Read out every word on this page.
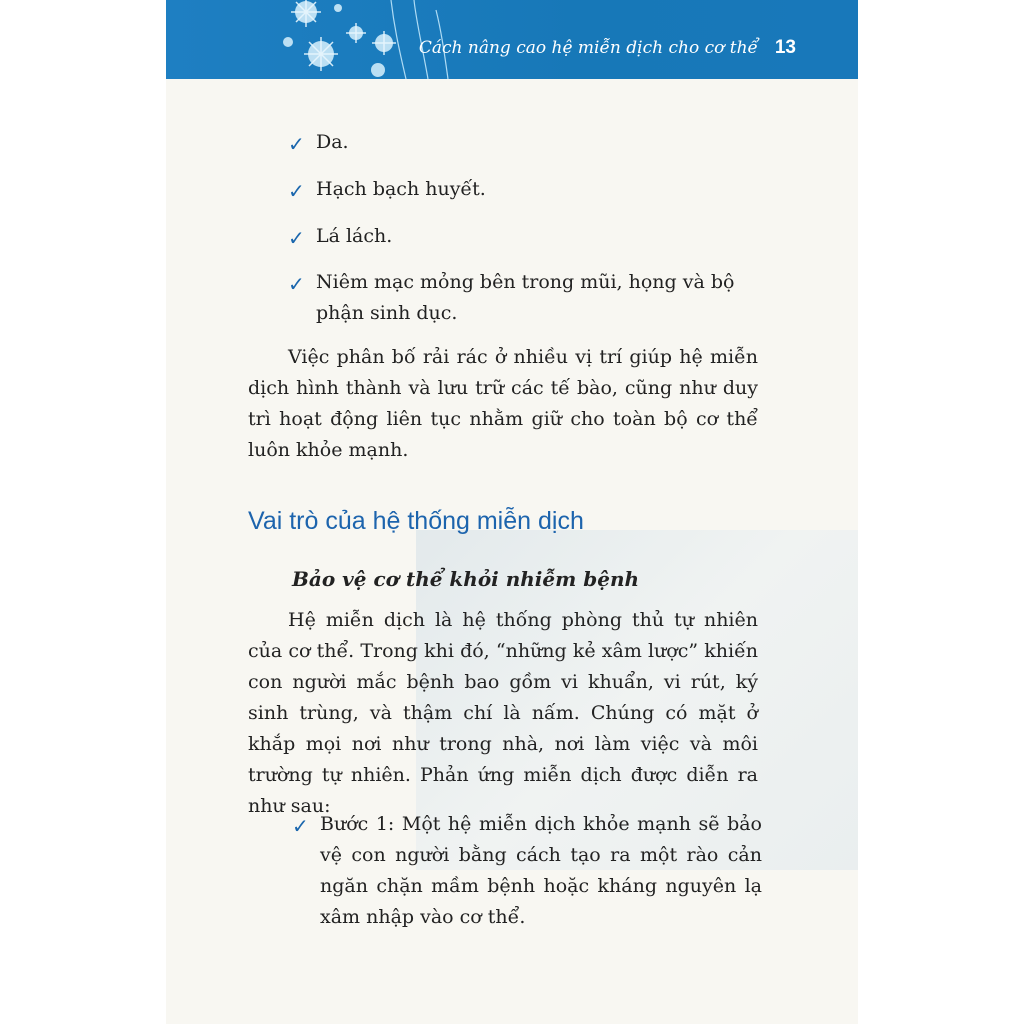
Cách nâng cao hệ miễn dịch cho cơ thể 13
✓ Da.
✓ Hạch bạch huyết.
✓ Lá lách.
✓ Niêm mạc mỏng bên trong mũi, họng và bộ phận sinh dục.
Việc phân bố rải rác ở nhiều vị trí giúp hệ miễn dịch hình thành và lưu trữ các tế bào, cũng như duy trì hoạt động liên tục nhằm giữ cho toàn bộ cơ thể luôn khỏe mạnh.
Vai trò của hệ thống miễn dịch
Bảo vệ cơ thể khỏi nhiễm bệnh
Hệ miễn dịch là hệ thống phòng thủ tự nhiên của cơ thể. Trong khi đó, “những kẻ xâm lược” khiến con người mắc bệnh bao gồm vi khuẩn, vi rút, ký sinh trùng, và thậm chí là nấm. Chúng có mặt ở khắp mọi nơi như trong nhà, nơi làm việc và môi trường tự nhiên. Phản ứng miễn dịch được diễn ra như sau:
✓ Bước 1: Một hệ miễn dịch khỏe mạnh sẽ bảo vệ con người bằng cách tạo ra một rào cản ngăn chặn mầm bệnh hoặc kháng nguyên lạ xâm nhập vào cơ thể.
